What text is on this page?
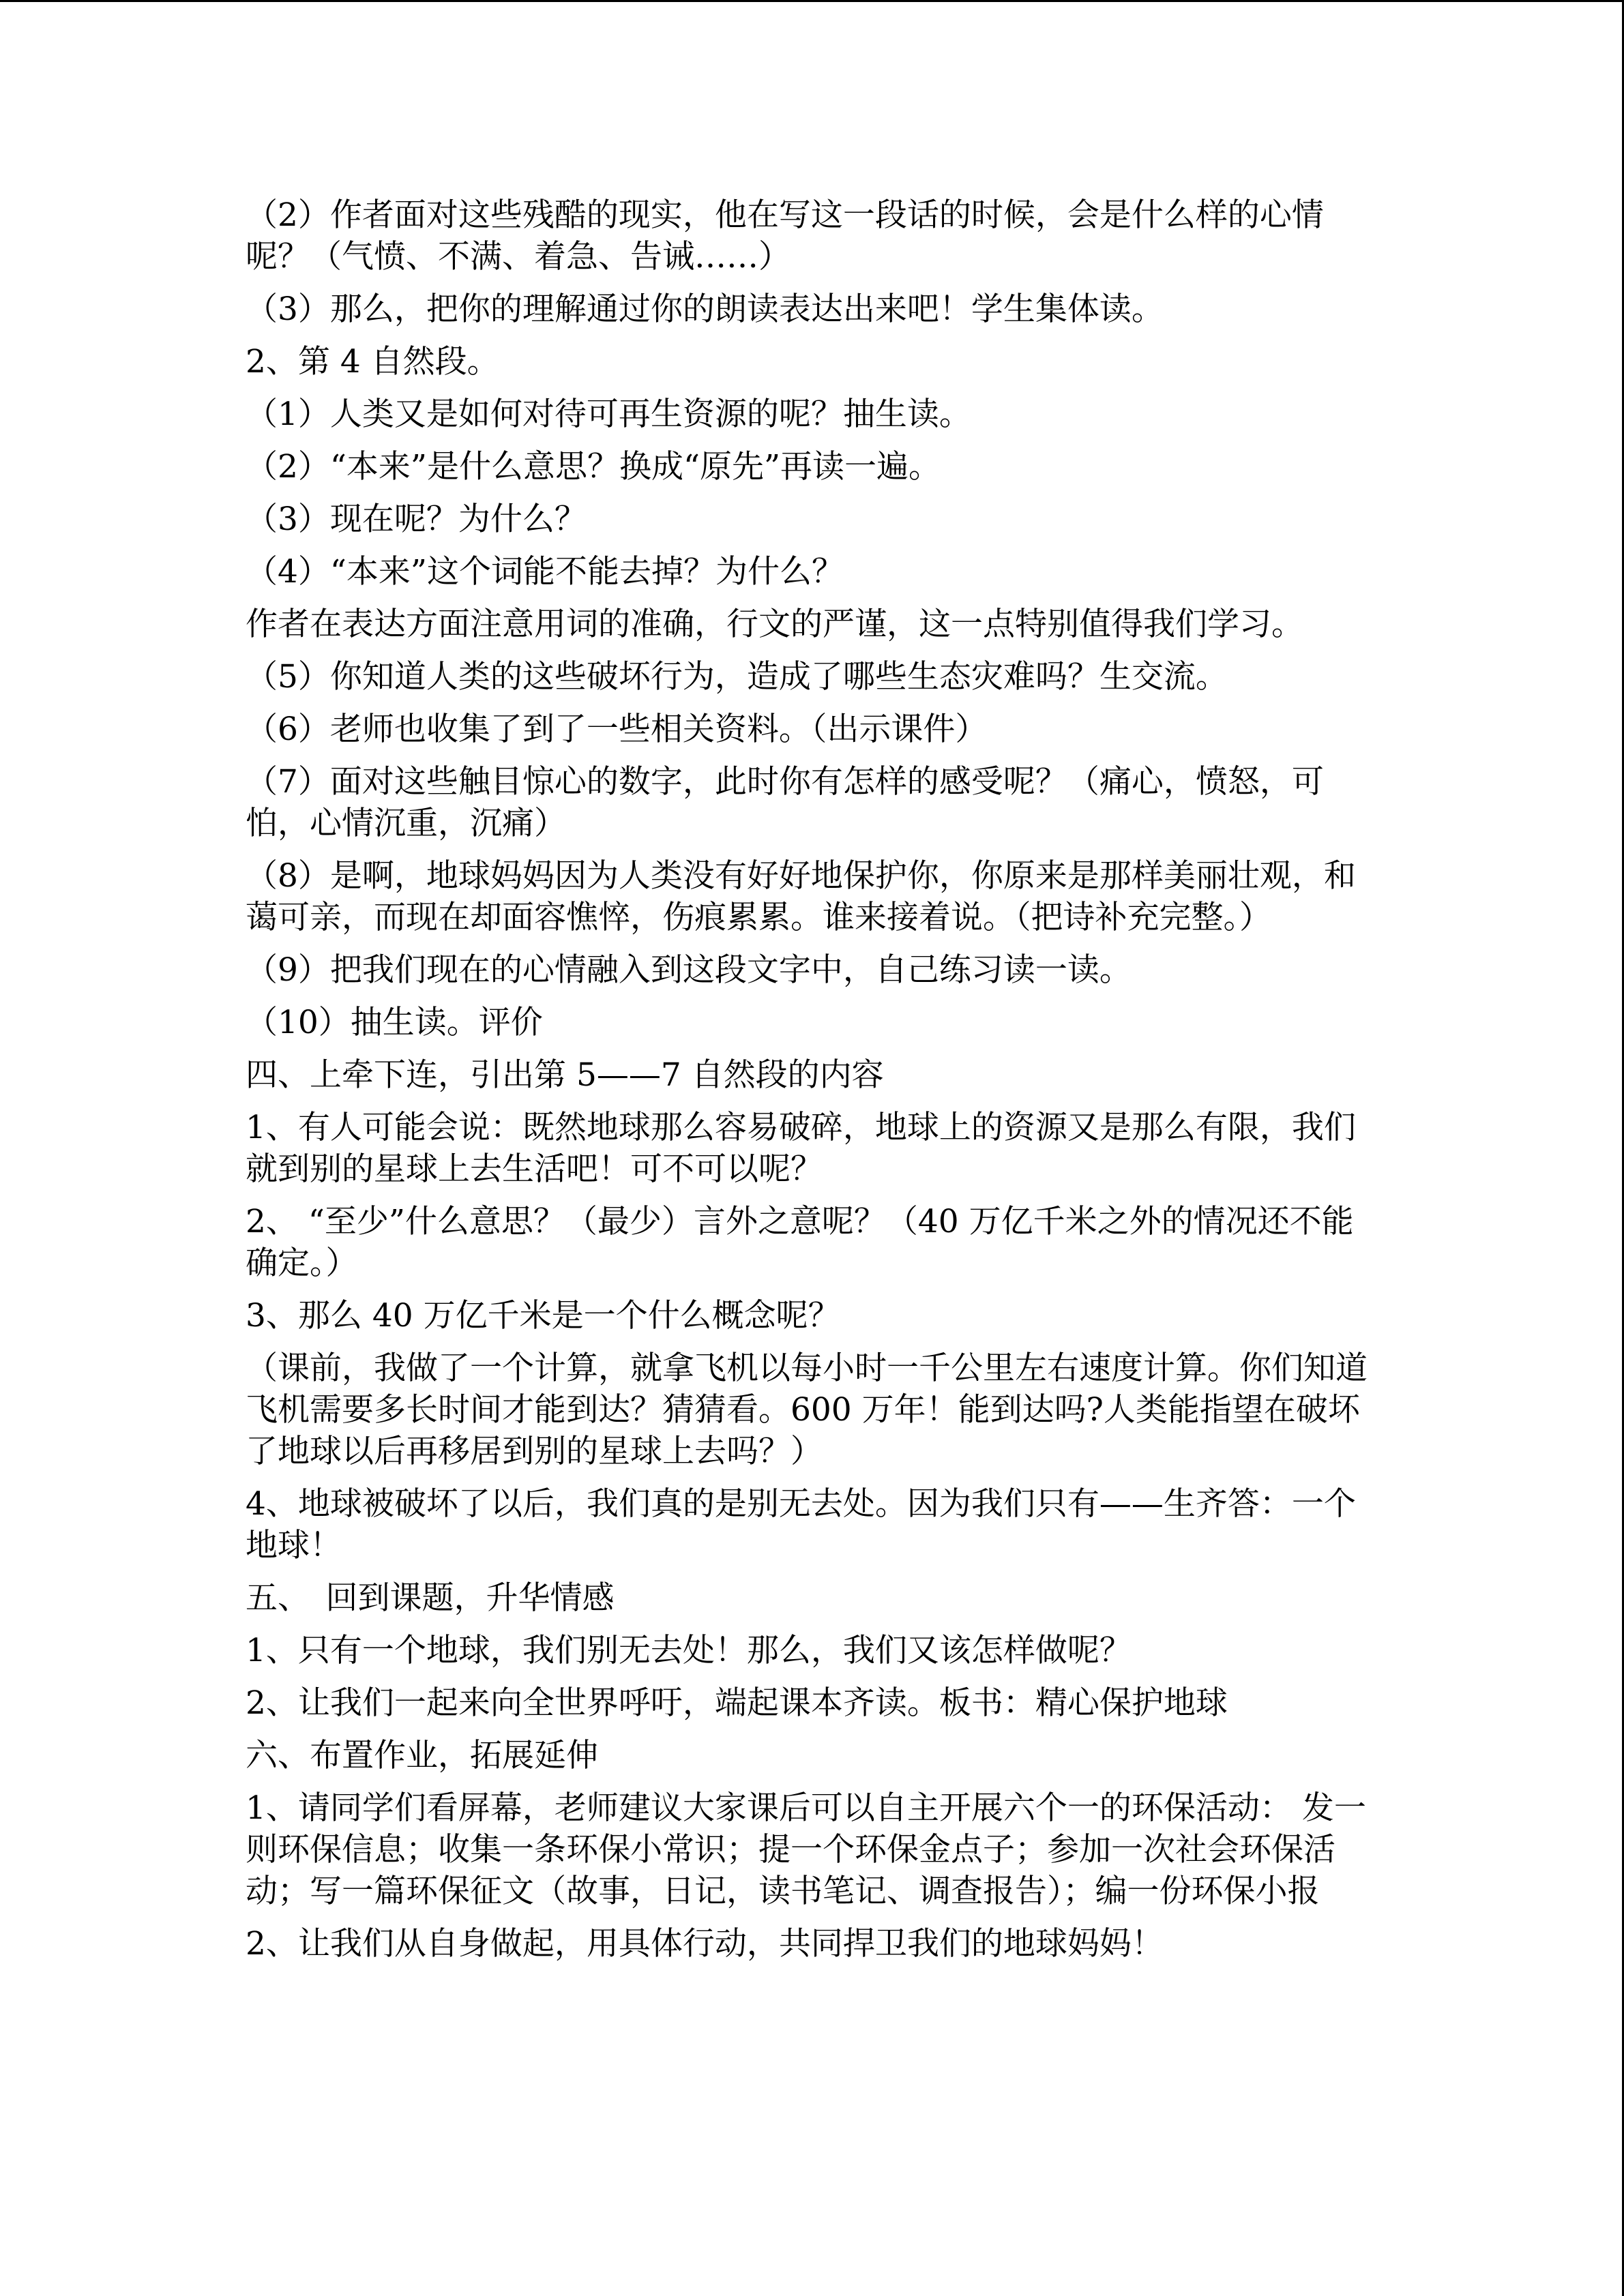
（2）作者面对这些残酷的现实，他在写这一段话的时候，会是什么样的心情呢？（气愤、不满、着急、告诫……）

（3）那么，把你的理解通过你的朗读表达出来吧！学生集体读。

2、第 4 自然段。

（1）人类又是如何对待可再生资源的呢？抽生读。

（2）“本来”是什么意思？换成“原先”再读一遍。

（3）现在呢？为什么？

（4）“本来”这个词能不能去掉？为什么？

作者在表达方面注意用词的准确，行文的严谨，这一点特别值得我们学习。

（5）你知道人类的这些破坏行为，造成了哪些生态灾难吗？生交流。

（6）老师也收集了到了一些相关资料。（出示课件）

（7）面对这些触目惊心的数字，此时你有怎样的感受呢？（痛心，愤怒，可怕，心情沉重，沉痛）

（8）是啊，地球妈妈因为人类没有好好地保护你，你原来是那样美丽壮观，和蔼可亲，而现在却面容憔悴，伤痕累累。谁来接着说。（把诗补充完整。）

（9）把我们现在的心情融入到这段文字中，自己练习读一读。

（10）抽生读。评价

四、上牵下连，引出第 5——7 自然段的内容

1、有人可能会说：既然地球那么容易破碎，地球上的资源又是那么有限，我们就到别的星球上去生活吧！可不可以呢？

2、 “至少”什么意思？（最少）言外之意呢？（40 万亿千米之外的情况还不能确定。）

3、那么 40 万亿千米是一个什么概念呢？

（课前，我做了一个计算，就拿飞机以每小时一千公里左右速度计算。你们知道飞机需要多长时间才能到达？猜猜看。600 万年！能到达吗?人类能指望在破坏了地球以后再移居到别的星球上去吗？）

4、地球被破坏了以后，我们真的是别无去处。因为我们只有——生齐答：一个地球！

五、　回到课题，升华情感

1、只有一个地球，我们别无去处！那么，我们又该怎样做呢？

2、让我们一起来向全世界呼吁，端起课本齐读。板书：精心保护地球

六、布置作业，拓展延伸

1、请同学们看屏幕，老师建议大家课后可以自主开展六个一的环保活动： 发一则环保信息；收集一条环保小常识；提一个环保金点子；参加一次社会环保活动；写一篇环保征文（故事，日记，读书笔记、调查报告）；编一份环保小报

2、让我们从自身做起，用具体行动，共同捍卫我们的地球妈妈！
